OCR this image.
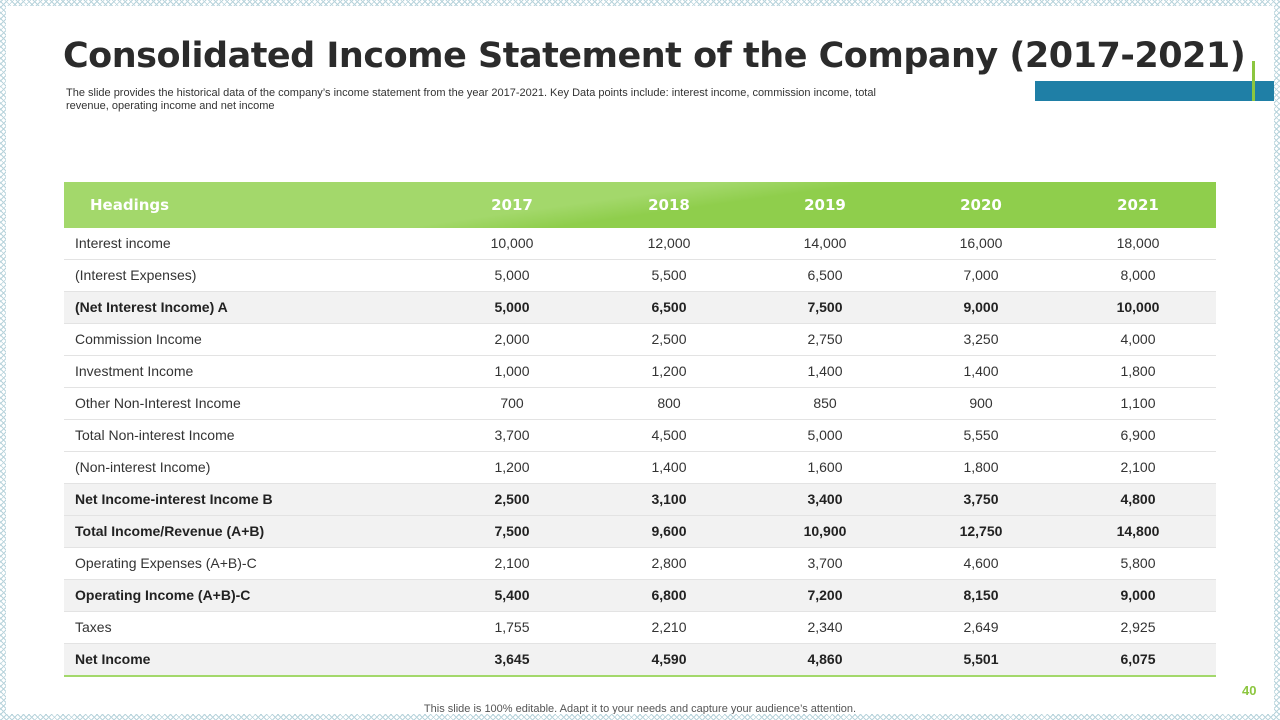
Consolidated Income Statement of the Company (2017-2021)

The slide provides the historical data of the company’s income statement from the year 2017-2021. Key Data points include: interest income, commission income, total revenue, operating income and net income

Headings	2017	2018	2019	2020	2021
Interest income	10,000	12,000	14,000	16,000	18,000
(Interest Expenses)	5,000	5,500	6,500	7,000	8,000
(Net Interest Income) A	5,000	6,500	7,500	9,000	10,000
Commission Income	2,000	2,500	2,750	3,250	4,000
Investment Income	1,000	1,200	1,400	1,400	1,800
Other Non-Interest Income	700	800	850	900	1,100
Total Non-interest Income	3,700	4,500	5,000	5,550	6,900
(Non-interest Income)	1,200	1,400	1,600	1,800	2,100
Net Income-interest Income B	2,500	3,100	3,400	3,750	4,800
Total Income/Revenue (A+B)	7,500	9,600	10,900	12,750	14,800
Operating Expenses (A+B)-C	2,100	2,800	3,700	4,600	5,800
Operating Income (A+B)-C	5,400	6,800	7,200	8,150	9,000
Taxes	1,755	2,210	2,340	2,649	2,925
Net Income	3,645	4,590	4,860	5,501	6,075
40
This slide is 100% editable. Adapt it to your needs and capture your audience’s attention.
